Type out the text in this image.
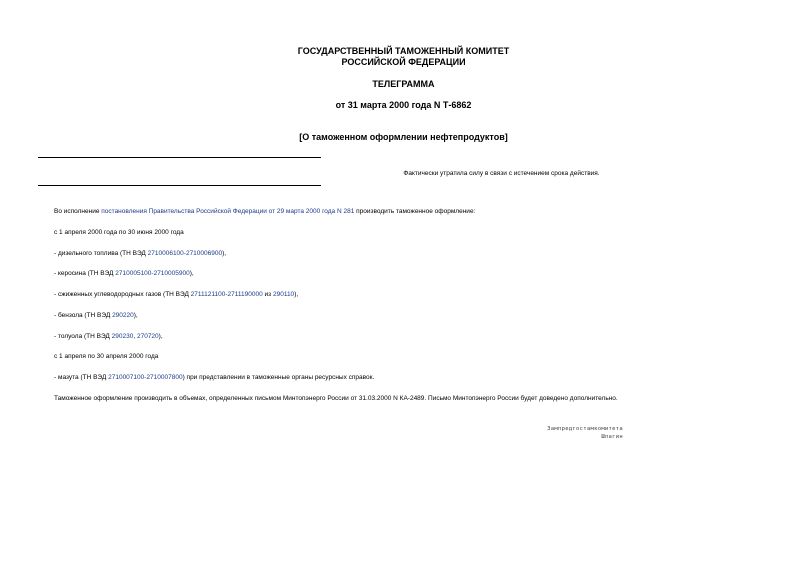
ГОСУДАРСТВЕННЫЙ ТАМОЖЕННЫЙ КОМИТЕТ
РОССИЙСКОЙ ФЕДЕРАЦИИ
ТЕЛЕГРАММА
от 31 марта 2000 года N Т-6862
[О таможенном оформлении нефтепродуктов]
Фактически утратила силу в связи с истечением срока действия.
Во исполнение постановления Правительства Российской Федерации от 29 марта 2000 года N 281 производить таможенное оформление:
с 1 апреля 2000 года по 30 июня 2000 года
- дизельного топлива (ТН ВЭД 2710006100-2710006900),
- керосина (ТН ВЭД 2710005100-2710005900),
- сжиженных углеводородных газов (ТН ВЭД 2711121100-2711190000 из 290110),
- бензола (ТН ВЭД 290220),
- толуола (ТН ВЭД 290230, 270720),
с 1 апреля по 30 апреля 2000 года
- мазута (ТН ВЭД 2710007100-2710007800) при представлении в таможенные органы ресурсных справок.
Таможенное оформление производить в объемах, определенных письмом Минтопэнерго России от 31.03.2000 N КА-2489. Письмо Минтопэнерго России будет доведено дополнительно.
Зампредгостамкомитета
Шпагин
